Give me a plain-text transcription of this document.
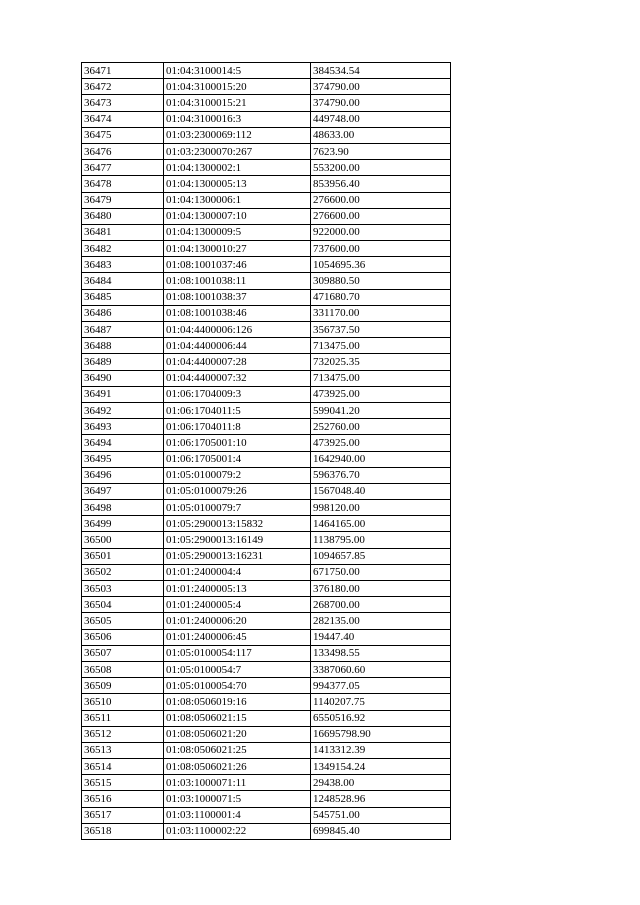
36471	01:04:3100014:5	384534.54
36472	01:04:3100015:20	374790.00
36473	01:04:3100015:21	374790.00
36474	01:04:3100016:3	449748.00
36475	01:03:2300069:112	48633.00
36476	01:03:2300070:267	7623.90
36477	01:04:1300002:1	553200.00
36478	01:04:1300005:13	853956.40
36479	01:04:1300006:1	276600.00
36480	01:04:1300007:10	276600.00
36481	01:04:1300009:5	922000.00
36482	01:04:1300010:27	737600.00
36483	01:08:1001037:46	1054695.36
36484	01:08:1001038:11	309880.50
36485	01:08:1001038:37	471680.70
36486	01:08:1001038:46	331170.00
36487	01:04:4400006:126	356737.50
36488	01:04:4400006:44	713475.00
36489	01:04:4400007:28	732025.35
36490	01:04:4400007:32	713475.00
36491	01:06:1704009:3	473925.00
36492	01:06:1704011:5	599041.20
36493	01:06:1704011:8	252760.00
36494	01:06:1705001:10	473925.00
36495	01:06:1705001:4	1642940.00
36496	01:05:0100079:2	596376.70
36497	01:05:0100079:26	1567048.40
36498	01:05:0100079:7	998120.00
36499	01:05:2900013:15832	1464165.00
36500	01:05:2900013:16149	1138795.00
36501	01:05:2900013:16231	1094657.85
36502	01:01:2400004:4	671750.00
36503	01:01:2400005:13	376180.00
36504	01:01:2400005:4	268700.00
36505	01:01:2400006:20	282135.00
36506	01:01:2400006:45	19447.40
36507	01:05:0100054:117	133498.55
36508	01:05:0100054:7	3387060.60
36509	01:05:0100054:70	994377.05
36510	01:08:0506019:16	1140207.75
36511	01:08:0506021:15	6550516.92
36512	01:08:0506021:20	16695798.90
36513	01:08:0506021:25	1413312.39
36514	01:08:0506021:26	1349154.24
36515	01:03:1000071:11	29438.00
36516	01:03:1000071:5	1248528.96
36517	01:03:1100001:4	545751.00
36518	01:03:1100002:22	699845.40
